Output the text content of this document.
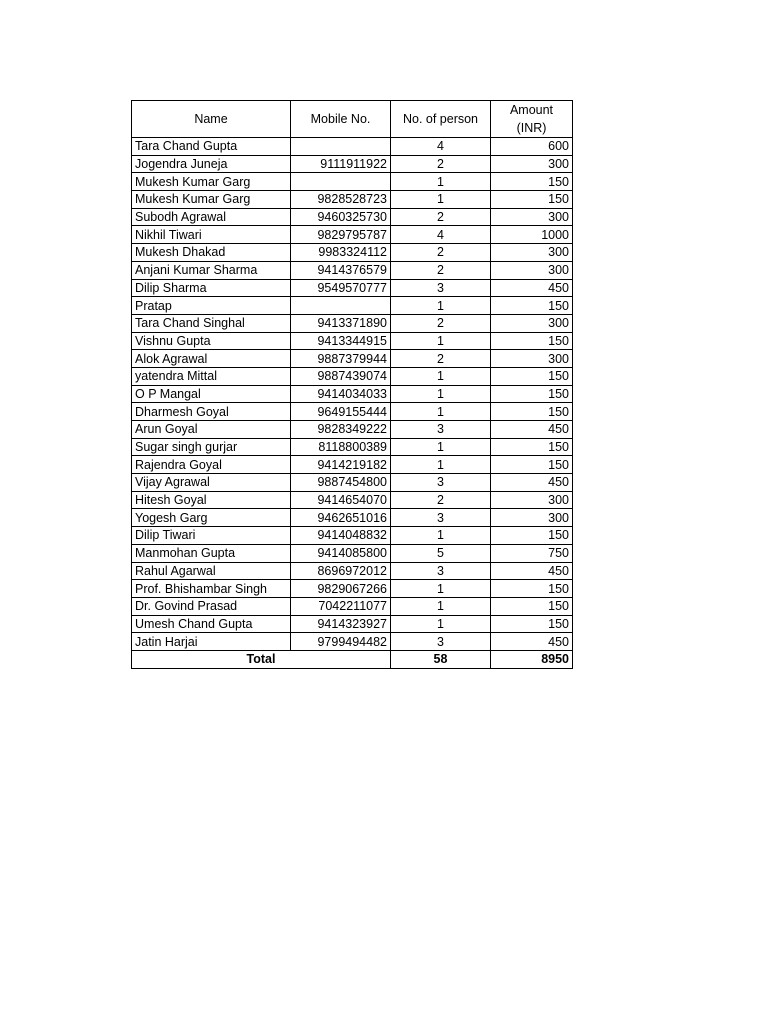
Name	Mobile No.	No. of person	Amount (INR)
Tara Chand Gupta		4	600
Jogendra Juneja	9111911922	2	300
Mukesh Kumar Garg		1	150
Mukesh Kumar Garg	9828528723	1	150
Subodh Agrawal	9460325730	2	300
Nikhil Tiwari	9829795787	4	1000
Mukesh Dhakad	9983324112	2	300
Anjani Kumar Sharma	9414376579	2	300
Dilip Sharma	9549570777	3	450
Pratap		1	150
Tara Chand Singhal	9413371890	2	300
Vishnu Gupta	9413344915	1	150
Alok Agrawal	9887379944	2	300
yatendra Mittal	9887439074	1	150
O P Mangal	9414034033	1	150
Dharmesh Goyal	9649155444	1	150
Arun Goyal	9828349222	3	450
Sugar singh gurjar	8118800389	1	150
Rajendra Goyal	9414219182	1	150
Vijay Agrawal	9887454800	3	450
Hitesh Goyal	9414654070	2	300
Yogesh Garg	9462651016	3	300
Dilip Tiwari	9414048832	1	150
Manmohan Gupta	9414085800	5	750
Rahul Agarwal	8696972012	3	450
Prof. Bhishambar Singh	9829067266	1	150
Dr. Govind Prasad	7042211077	1	150
Umesh Chand Gupta	9414323927	1	150
Jatin Harjai	9799494482	3	450
Total		58	8950
